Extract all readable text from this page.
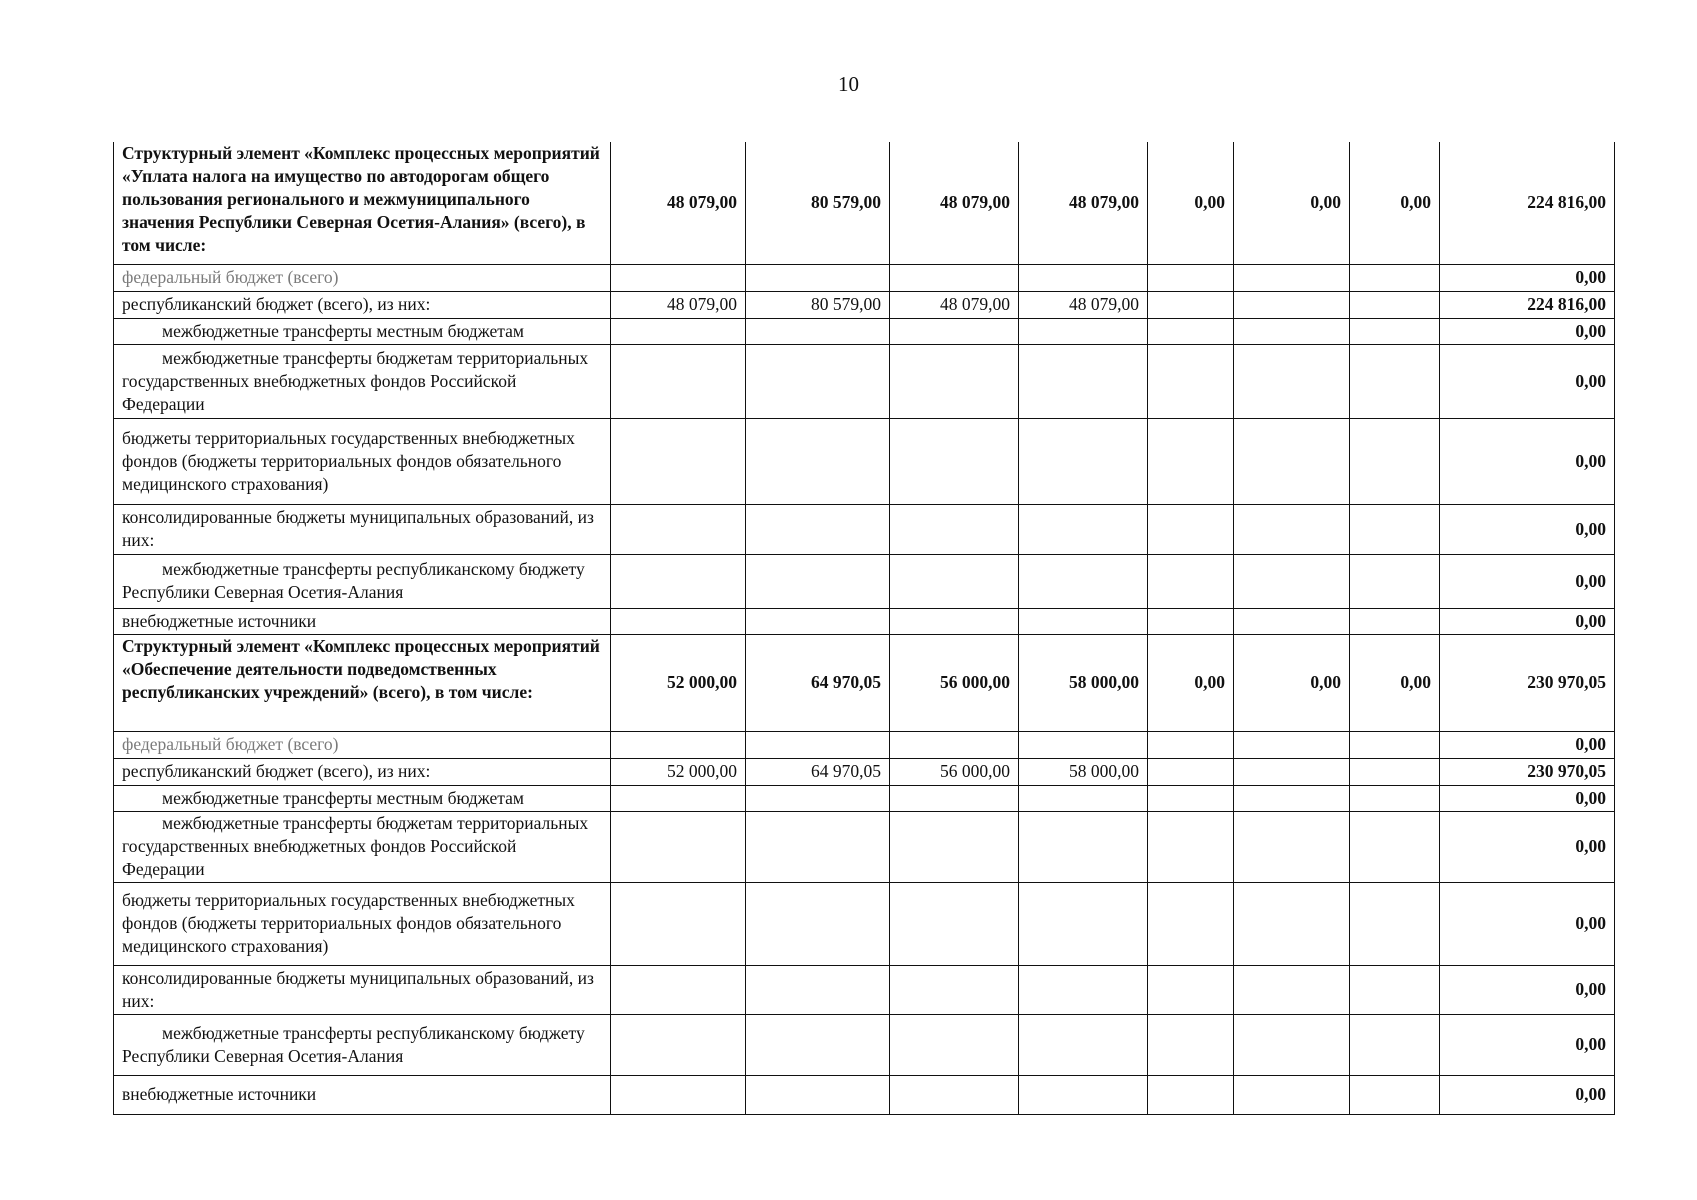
10
Структурный элемент «Комплекс процессных мероприятий «Уплата налога на имущество по автодорогам общего пользования регионального и межмуниципального значения Республики Северная Осетия-Алания» (всего), в том числе:	48 079,00	80 579,00	48 079,00	48 079,00	0,00	0,00	0,00	224 816,00
федеральный бюджет (всего)								0,00
республиканский бюджет (всего), из них:	48 079,00	80 579,00	48 079,00	48 079,00				224 816,00
межбюджетные трансферты местным бюджетам								0,00
межбюджетные трансферты бюджетам территориальных государственных внебюджетных фондов Российской Федерации								0,00
бюджеты территориальных государственных внебюджетных фондов (бюджеты территориальных фондов обязательного медицинского страхования)								0,00
консолидированные бюджеты муниципальных образований, из них:								0,00
межбюджетные трансферты республиканскому бюджету Республики Северная Осетия-Алания								0,00
внебюджетные источники								0,00
Структурный элемент «Комплекс процессных мероприятий «Обеспечение деятельности подведомственных республиканских учреждений» (всего), в том числе:	52 000,00	64 970,05	56 000,00	58 000,00	0,00	0,00	0,00	230 970,05
федеральный бюджет (всего)								0,00
республиканский бюджет (всего), из них:	52 000,00	64 970,05	56 000,00	58 000,00				230 970,05
межбюджетные трансферты местным бюджетам								0,00
межбюджетные трансферты бюджетам территориальных государственных внебюджетных фондов Российской Федерации								0,00
бюджеты территориальных государственных внебюджетных фондов (бюджеты территориальных фондов обязательного медицинского страхования)								0,00
консолидированные бюджеты муниципальных образований, из них:								0,00
межбюджетные трансферты республиканскому бюджету Республики Северная Осетия-Алания								0,00
внебюджетные источники								0,00
